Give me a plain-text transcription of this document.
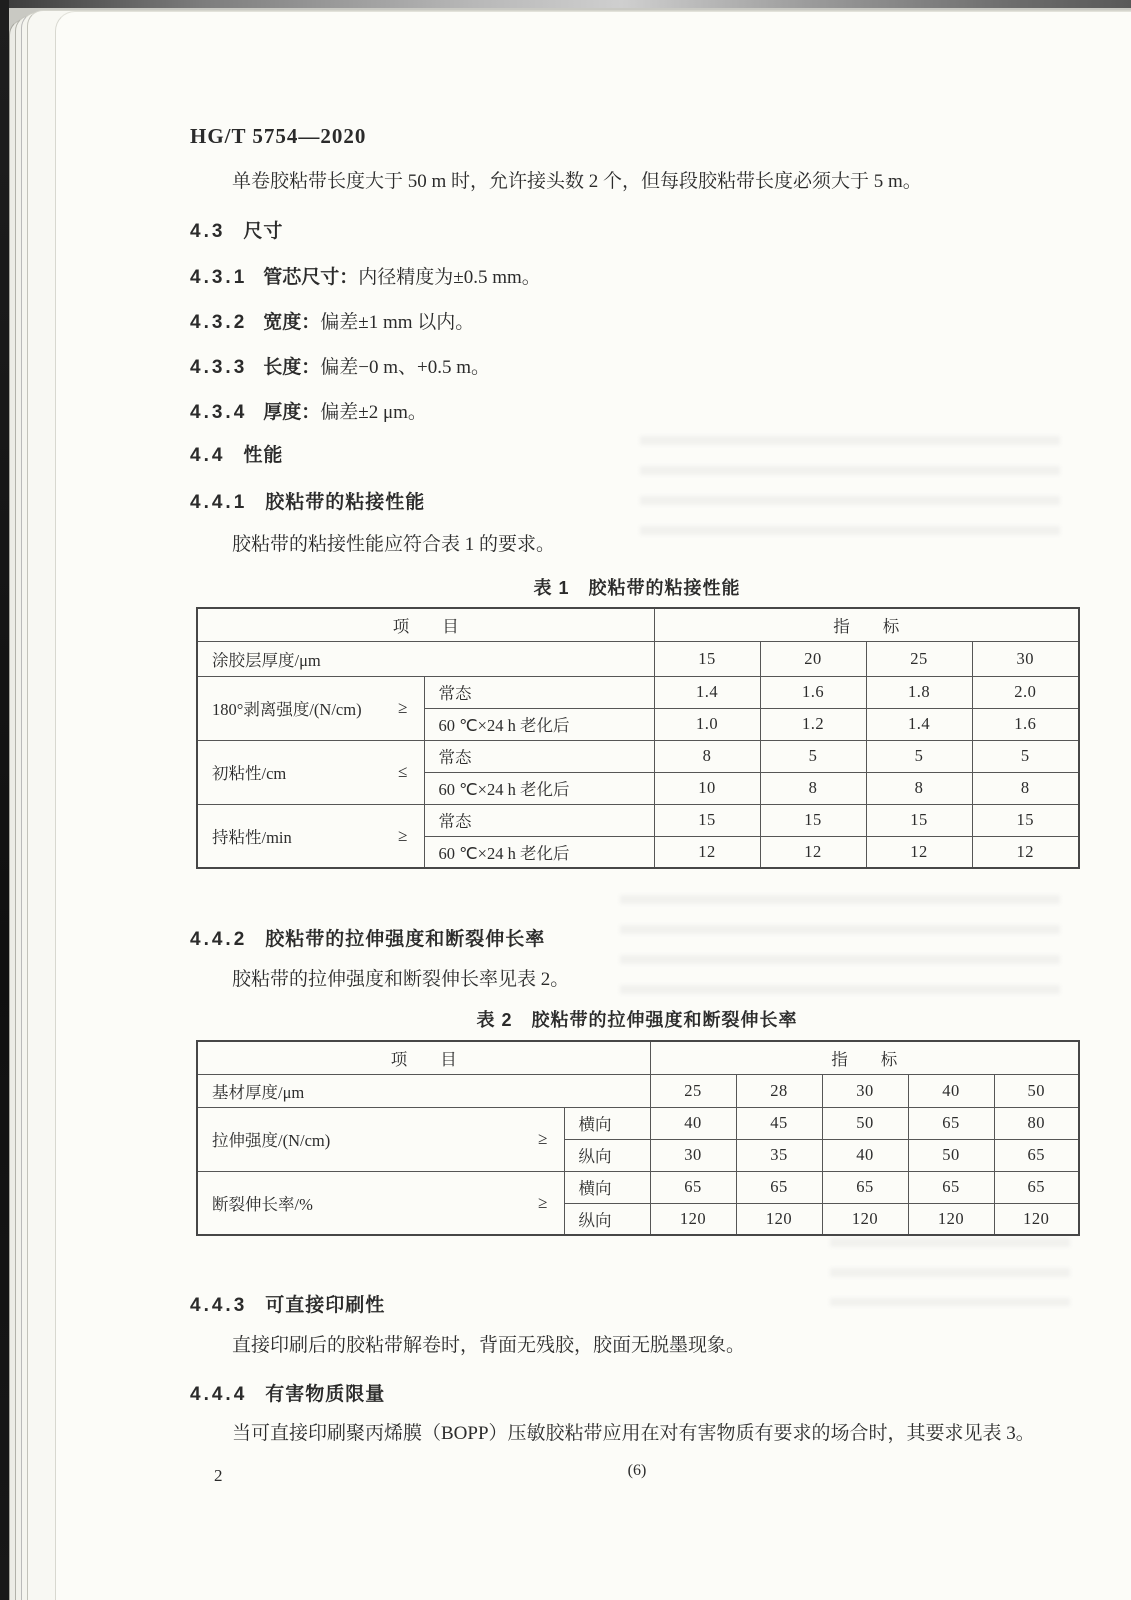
HG/T 5754—2020
单卷胶粘带长度大于 50 m 时，允许接头数 2 个，但每段胶粘带长度必须大于 5 m。
4.3 尺寸
4.3.1 管芯尺寸：内径精度为±0.5 mm。
4.3.2 宽度：偏差±1 mm 以内。
4.3.3 长度：偏差−0 m、+0.5 m。
4.3.4 厚度：偏差±2 μm。
4.4 性能
4.4.1 胶粘带的粘接性能
胶粘带的粘接性能应符合表 1 的要求。
表 1　胶粘带的粘接性能
项　　目		指　　标			
涂胶层厚度/μm		15	20	25	30
180°剥离强度/(N/cm) ≥	常态	1.4	1.6	1.8	2.0
	60 ℃×24 h 老化后	1.0	1.2	1.4	1.6
初粘性/cm ≤	常态	8	5	5	5
	60 ℃×24 h 老化后	10	8	8	8
持粘性/min ≥	常态	15	15	15	15
	60 ℃×24 h 老化后	12	12	12	12
4.4.2 胶粘带的拉伸强度和断裂伸长率
胶粘带的拉伸强度和断裂伸长率见表 2。
表 2　胶粘带的拉伸强度和断裂伸长率
项　　目		指　　标				
基材厚度/μm		25	28	30	40	50
拉伸强度/(N/cm) ≥	横向	40	45	50	65	80
	纵向	30	35	40	50	65
断裂伸长率/% ≥	横向	65	65	65	65	65
	纵向	120	120	120	120	120
4.4.3 可直接印刷性
直接印刷后的胶粘带解卷时，背面无残胶，胶面无脱墨现象。
4.4.4 有害物质限量
当可直接印刷聚丙烯膜（BOPP）压敏胶粘带应用在对有害物质有要求的场合时，其要求见表 3。
2	(6)
